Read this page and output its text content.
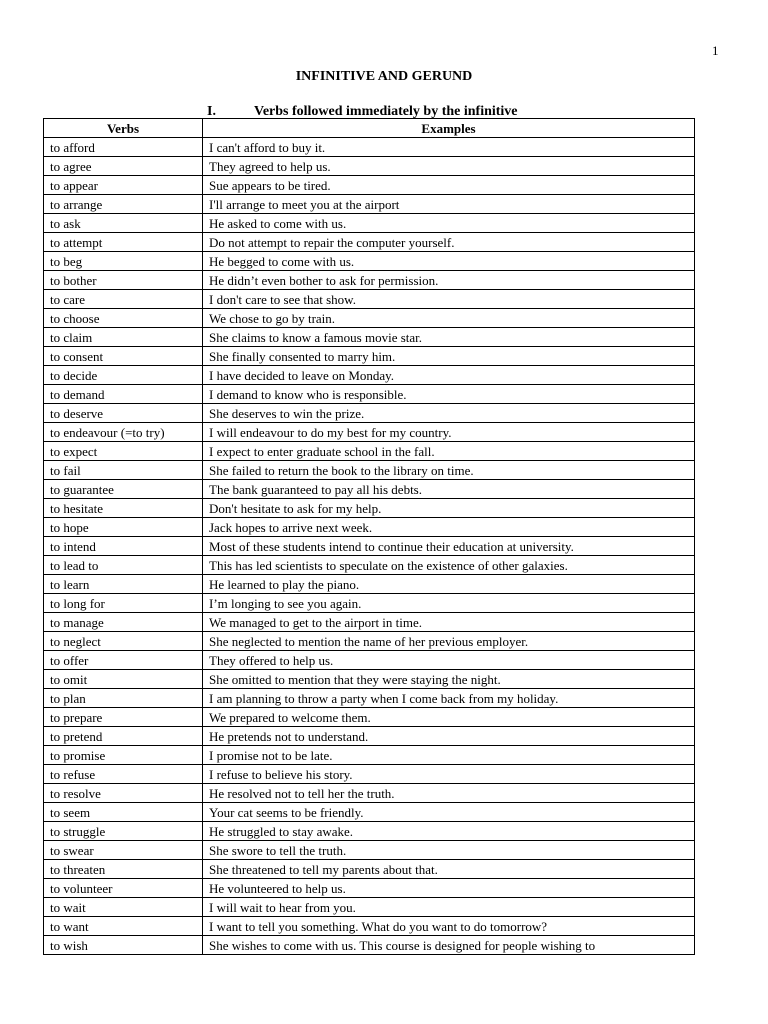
1
INFINITIVE AND GERUND
I.	Verbs followed immediately by the infinitive
Verbs	Examples
to afford	I can't afford to buy it.
to agree	They agreed to help us.
to appear	Sue appears to be tired.
to arrange	I'll arrange to meet you at the airport
to ask	He asked to come with us.
to attempt	Do not attempt to repair the computer yourself.
to beg	He begged to come with us.
to bother	He didn’t even bother to ask for permission.
to care	I don't care to see that show.
to choose	We chose to go by train.
to claim	She claims to know a famous movie star.
to consent	She finally consented to marry him.
to decide	I have decided to leave on Monday.
to demand	I demand to know who is responsible.
to deserve	She deserves to win the prize.
to endeavour (=to try)	I will endeavour to do my best for my country.
to expect	I expect to enter graduate school in the fall.
to fail	She failed to return the book to the library on time.
to guarantee	The bank guaranteed to pay all his debts.
to hesitate	Don't hesitate to ask for my help.
to hope	Jack hopes to arrive next week.
to intend	Most of these students intend to continue their education at university.
to lead to	This has led scientists to speculate on the existence of other galaxies.
to learn	He learned to play the piano.
to long for	I’m longing to see you again.
to manage	We managed to get to the airport in time.
to neglect	She neglected to mention the name of her previous employer.
to offer	They offered to help us.
to omit	She omitted to mention that they were staying the night.
to plan	I am planning to throw a party when I come back from my holiday.
to prepare	We prepared to welcome them.
to pretend	He pretends not to understand.
to promise	I promise not to be late.
to refuse	I refuse to believe his story.
to resolve	He resolved not to tell her the truth.
to seem	Your cat seems to be friendly.
to struggle	He struggled to stay awake.
to swear	She swore to tell the truth.
to threaten	She threatened to tell my parents about that.
to volunteer	He volunteered to help us.
to wait	I will wait to hear from you.
to want	I want to tell you something. What do you want to do tomorrow?
to wish	She wishes to come with us. This course is designed for people wishing to
